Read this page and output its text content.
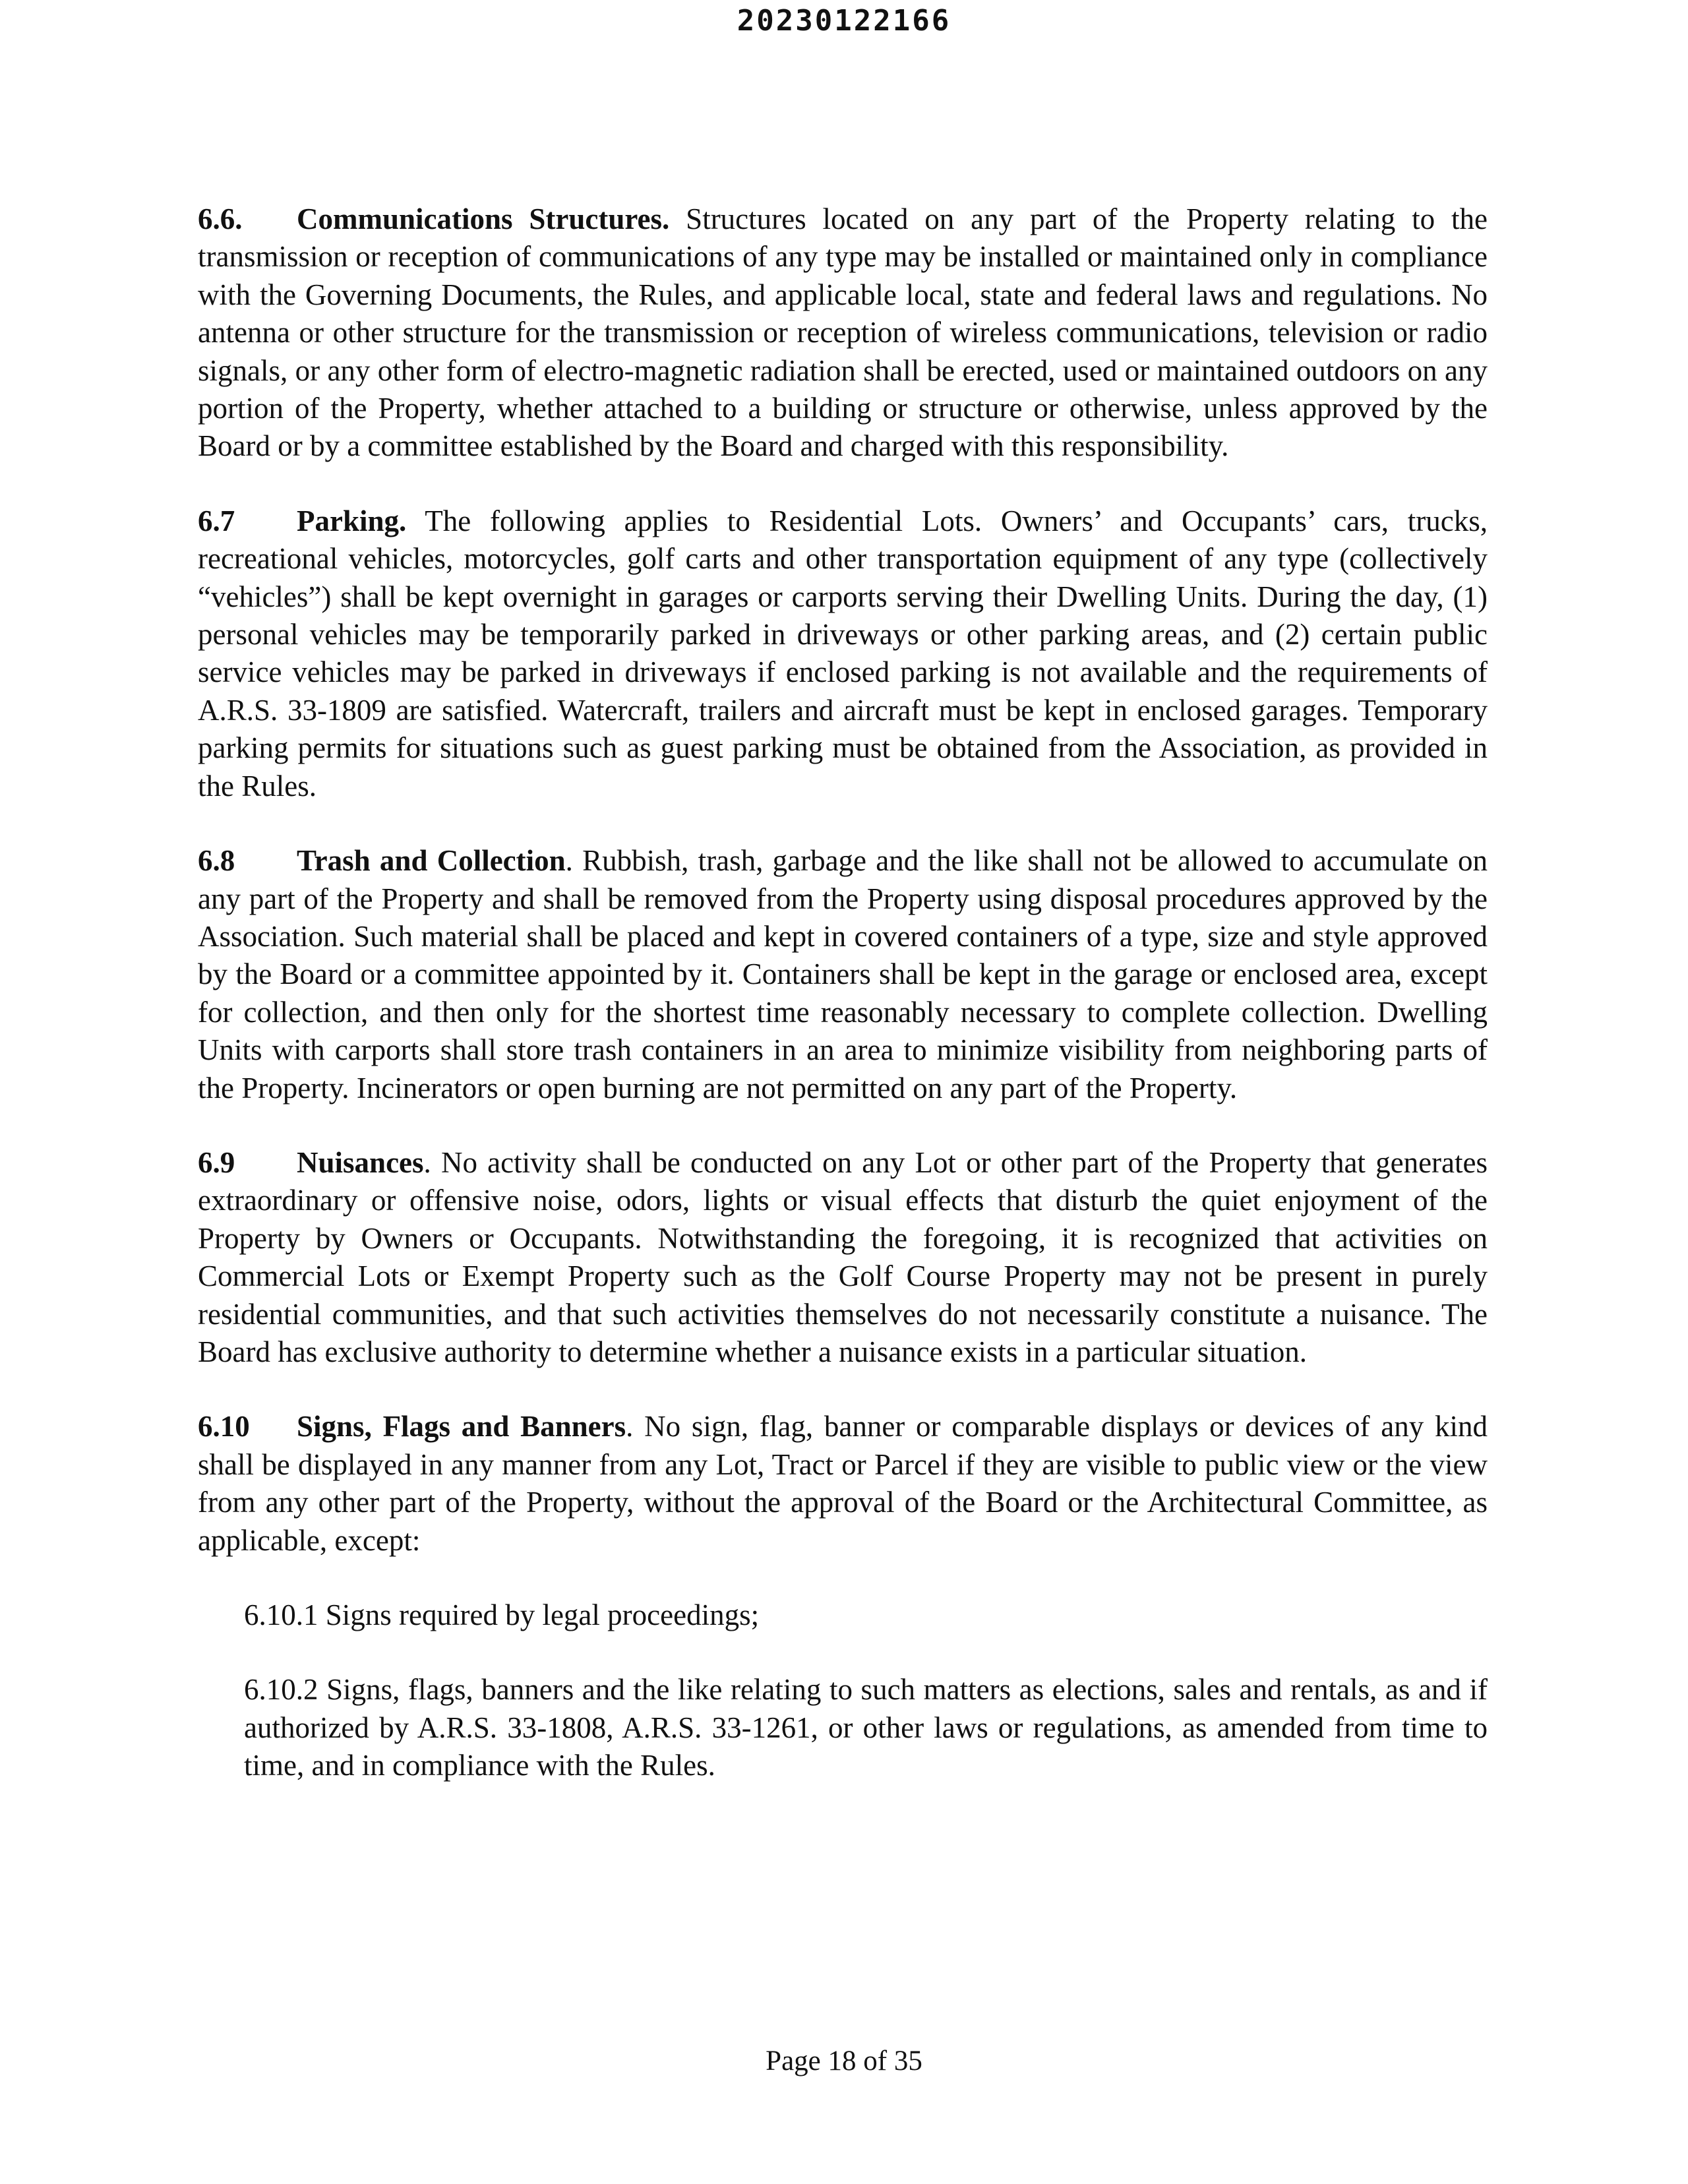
20230122166

6.6. Communications Structures. Structures located on any part of the Property relating to the transmission or reception of communications of any type may be installed or maintained only in compliance with the Governing Documents, the Rules, and applicable local, state and federal laws and regulations. No antenna or other structure for the transmission or reception of wireless communications, television or radio signals, or any other form of electro-magnetic radiation shall be erected, used or maintained outdoors on any portion of the Property, whether attached to a building or structure or otherwise, unless approved by the Board or by a committee established by the Board and charged with this responsibility.

6.7 Parking. The following applies to Residential Lots. Owners’ and Occupants’ cars, trucks, recreational vehicles, motorcycles, golf carts and other transportation equipment of any type (collectively “vehicles”) shall be kept overnight in garages or carports serving their Dwelling Units. During the day, (1) personal vehicles may be temporarily parked in driveways or other parking areas, and (2) certain public service vehicles may be parked in driveways if enclosed parking is not available and the requirements of A.R.S. 33-1809 are satisfied. Watercraft, trailers and aircraft must be kept in enclosed garages. Temporary parking permits for situations such as guest parking must be obtained from the Association, as provided in the Rules.

6.8 Trash and Collection. Rubbish, trash, garbage and the like shall not be allowed to accumulate on any part of the Property and shall be removed from the Property using disposal procedures approved by the Association. Such material shall be placed and kept in covered containers of a type, size and style approved by the Board or a committee appointed by it. Containers shall be kept in the garage or enclosed area, except for collection, and then only for the shortest time reasonably necessary to complete collection. Dwelling Units with carports shall store trash containers in an area to minimize visibility from neighboring parts of the Property. Incinerators or open burning are not permitted on any part of the Property.

6.9 Nuisances. No activity shall be conducted on any Lot or other part of the Property that generates extraordinary or offensive noise, odors, lights or visual effects that disturb the quiet enjoyment of the Property by Owners or Occupants. Notwithstanding the foregoing, it is recognized that activities on Commercial Lots or Exempt Property such as the Golf Course Property may not be present in purely residential communities, and that such activities themselves do not necessarily constitute a nuisance. The Board has exclusive authority to determine whether a nuisance exists in a particular situation.

6.10 Signs, Flags and Banners. No sign, flag, banner or comparable displays or devices of any kind shall be displayed in any manner from any Lot, Tract or Parcel if they are visible to public view or the view from any other part of the Property, without the approval of the Board or the Architectural Committee, as applicable, except:

6.10.1 Signs required by legal proceedings;

6.10.2 Signs, flags, banners and the like relating to such matters as elections, sales and rentals, as and if authorized by A.R.S. 33-1808, A.R.S. 33-1261, or other laws or regulations, as amended from time to time, and in compliance with the Rules.

Page 18 of 35
